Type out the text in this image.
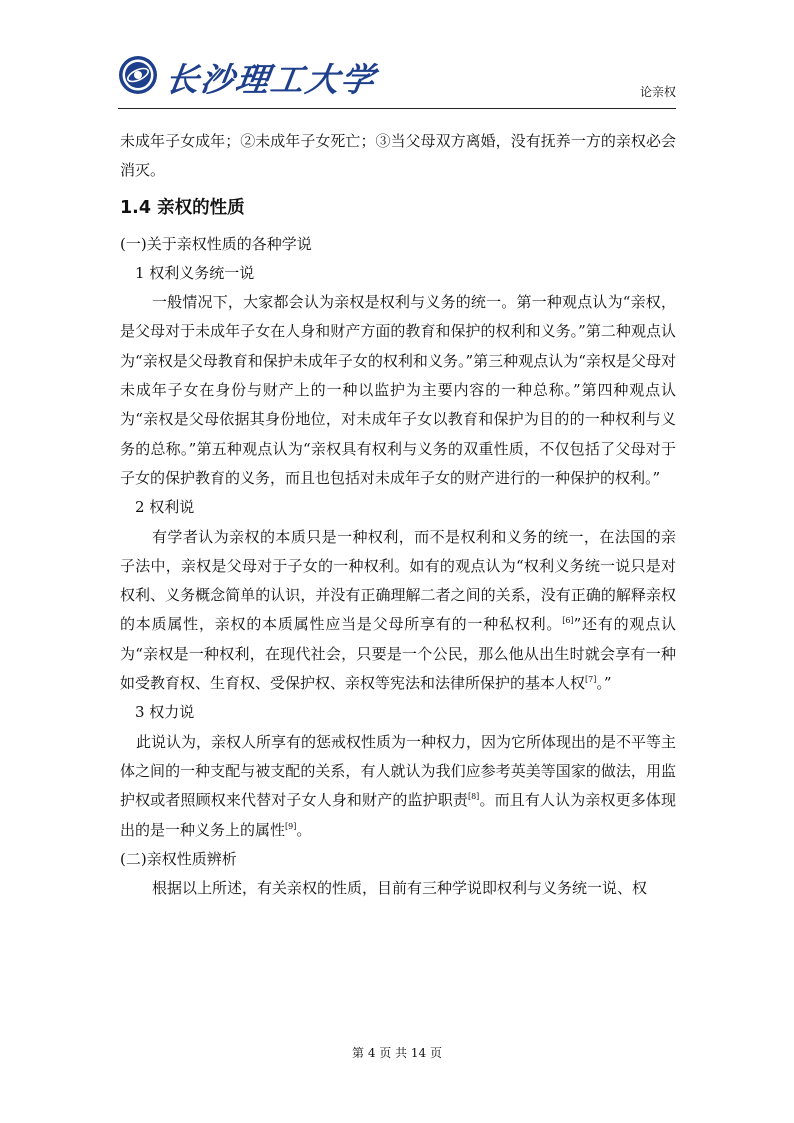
长沙理工大学	论亲权

未成年子女成年；②未成年子女死亡；③当父母双方离婚，没有抚养一方的亲权必会消灭。

1.4 亲权的性质

(一)关于亲权性质的各种学说

1 权利义务统一说

一般情况下，大家都会认为亲权是权利与义务的统一。第一种观点认为“亲权，是父母对于未成年子女在人身和财产方面的教育和保护的权利和义务。”第二种观点认为“亲权是父母教育和保护未成年子女的权利和义务。”第三种观点认为“亲权是父母对未成年子女在身份与财产上的一种以监护为主要内容的一种总称。”第四种观点认为“亲权是父母依据其身份地位，对未成年子女以教育和保护为目的的一种权利与义务的总称。”第五种观点认为“亲权具有权利与义务的双重性质，不仅包括了父母对于子女的保护教育的义务，而且也包括对未成年子女的财产进行的一种保护的权利。”

2 权利说

有学者认为亲权的本质只是一种权利，而不是权利和义务的统一，在法国的亲子法中，亲权是父母对于子女的一种权利。如有的观点认为“权利义务统一说只是对权利、义务概念简单的认识，并没有正确理解二者之间的关系，没有正确的解释亲权的本质属性，亲权的本质属性应当是父母所享有的一种私权利。[6]”还有的观点认为“亲权是一种权利，在现代社会，只要是一个公民，那么他从出生时就会享有一种如受教育权、生育权、受保护权、亲权等宪法和法律所保护的基本人权[7]。”

3 权力说

此说认为，亲权人所享有的惩戒权性质为一种权力，因为它所体现出的是不平等主体之间的一种支配与被支配的关系，有人就认为我们应参考英美等国家的做法，用监护权或者照顾权来代替对子女人身和财产的监护职责[8]。而且有人认为亲权更多体现出的是一种义务上的属性[9]。

(二)亲权性质辨析

根据以上所述，有关亲权的性质，目前有三种学说即权利与义务统一说、权

第 4 页 共 14 页
